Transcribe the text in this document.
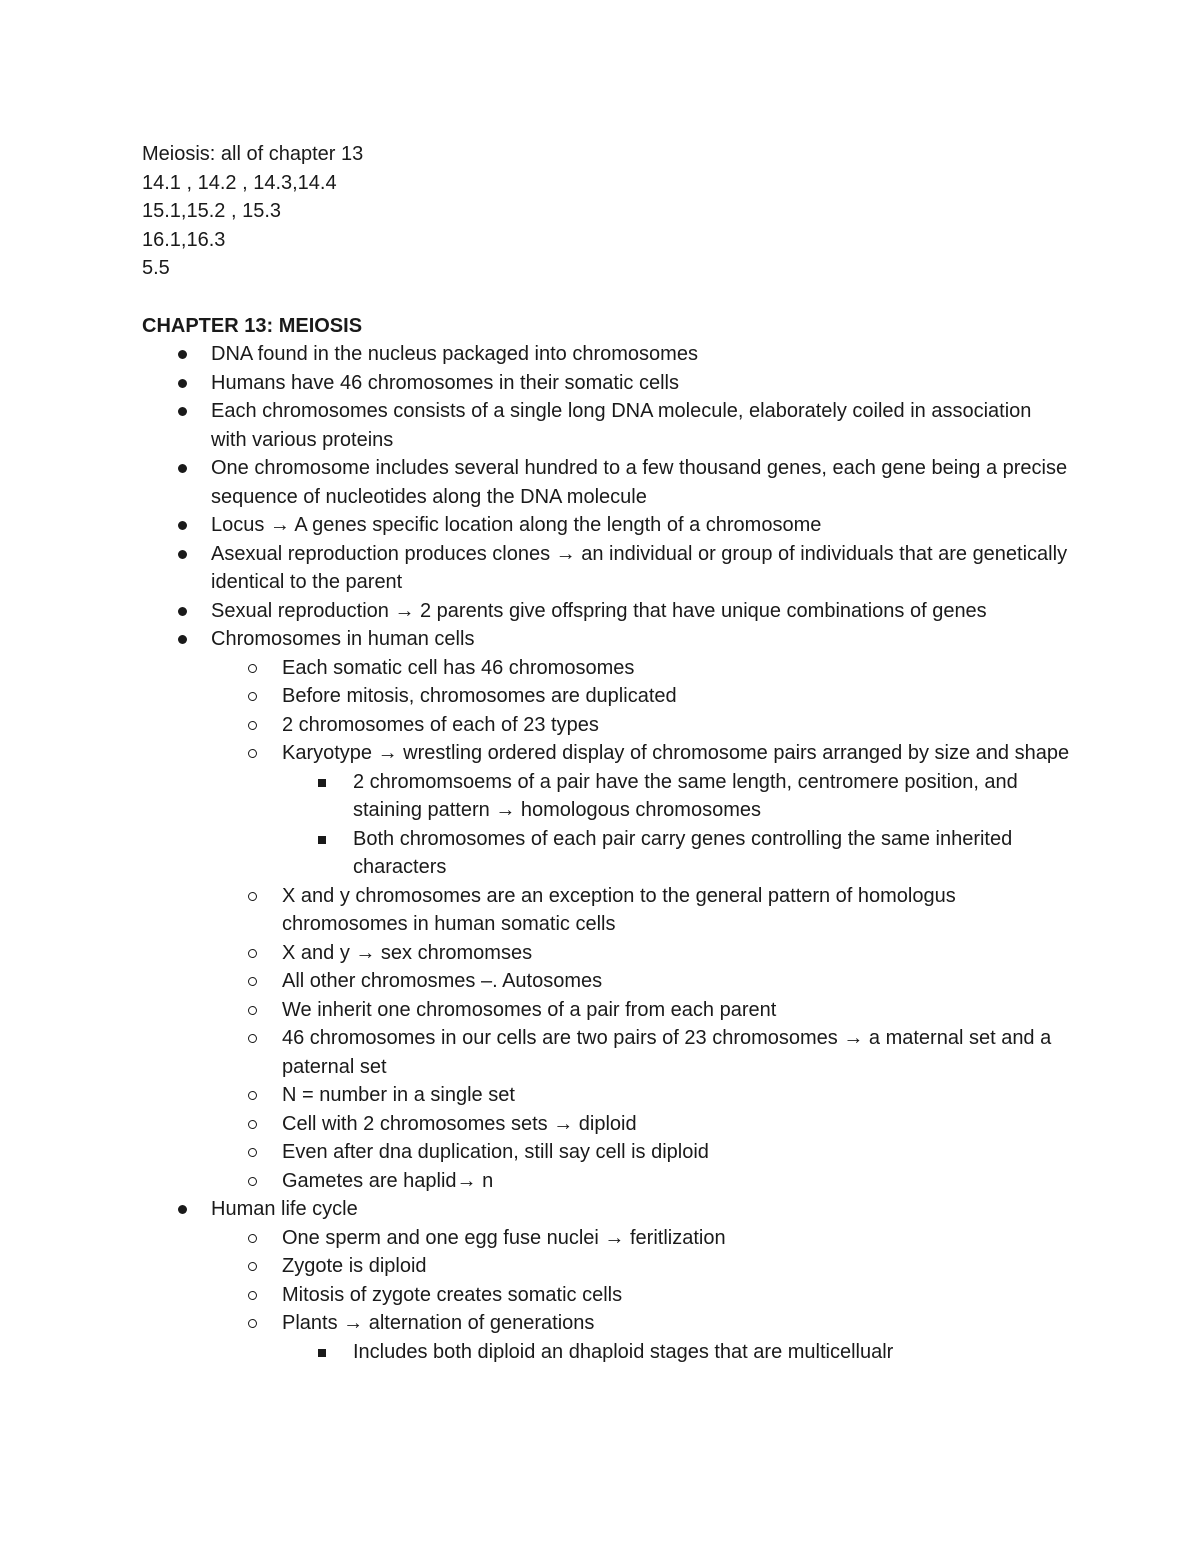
Meiosis: all of chapter 13
14.1 , 14.2 , 14.3,14.4
15.1,15.2 , 15.3
16.1,16.3
5.5
CHAPTER 13: MEIOSIS
DNA found in the nucleus packaged into chromosomes
Humans have 46 chromosomes in their somatic cells
Each chromosomes consists of a single long DNA molecule, elaborately coiled in association with various proteins
One chromosome includes several hundred to a few thousand genes, each gene being a precise sequence of nucleotides along the DNA molecule
Locus → A genes specific location along the length of a chromosome
Asexual reproduction produces clones → an individual or group of individuals that are genetically identical to the parent
Sexual reproduction → 2 parents give offspring that have unique combinations of genes
Chromosomes in human cells
Each somatic cell has 46 chromosomes
Before mitosis, chromosomes are duplicated
2 chromosomes of each of 23 types
Karyotype → wrestling ordered display of chromosome pairs arranged by size and shape
2 chromomsoems of a pair have the same length, centromere position, and staining pattern → homologous chromosomes
Both chromosomes of each pair carry genes controlling the same inherited characters
X and y chromosomes are an exception to the general pattern of homologus chromosomes in human somatic cells
X and y → sex chromomses
All other chromosmes –. Autosomes
We inherit one chromosomes of a pair from each parent
46 chromosomes in our cells are two pairs of 23 chromosomes → a maternal set and a paternal set
N = number in a single set
Cell with 2 chromosomes sets → diploid
Even after dna duplication, still say cell is diploid
Gametes are haplid→ n
Human life cycle
One sperm and one egg fuse nuclei → feritlization
Zygote is diploid
Mitosis of zygote creates somatic cells
Plants → alternation of generations
Includes both diploid an dhaploid stages that are multicellualr
